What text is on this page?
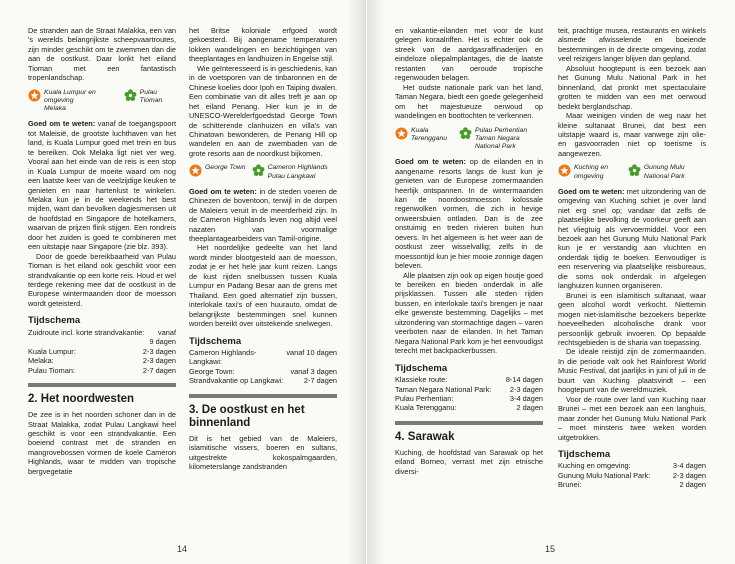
De stranden aan de Straat Malakka, een van 's werelds belangrijkste scheepvaartroutes, zijn minder geschikt om te zwemmen dan die aan de oostkust. Daar lonkt het eiland Tioman met een fantastisch tropenlandschap.

Kuala Lumpur en omgeving
Melaka
Pulau Tioman

Goed om te weten: vanaf de toegangspoort tot Maleisië, de grootste luchthaven van het land, is Kuala Lumpur goed met trein en bus te bereiken. Ook Melaka ligt niet ver weg. Vooral aan het einde van de reis is een stop in Kuala Lumpur de moeite waard om nog een laatste keer van de veelzijdige keuken te genieten en naar hartenlust te winkelen. Melaka kun je in de weekends het best mijden, want dan bevolken dagjesmensen uit de hoofdstad en Singapore de hotelkamers, waarvan de prijzen flink stijgen. Een rondreis door het zuiden is goed te combineren met een uitstapje naar Singapore (zie blz. 393).

Door de goede bereikbaarheid van Pulau Tioman is het eiland ook geschikt voor een strandvakantie op een korte reis. Houd er wel terdege rekening mee dat de oostkust in de Europese wintermaanden door de moesson wordt geteisterd.

Tijdschema
Zuidroute incl. korte strandvakantie:	vanaf
9 dagen
Kuala Lumpur:	2-3 dagen
Melaka:	2-3 dagen
Pulau Tioman:	2-7 dagen
2. Het noordwesten

De zee is in het noorden schoner dan in de Straat Malakka, zodat Pulau Langkawi heel geschikt is voor een strandvakantie. Een boeiend contrast met de stranden en mangrovebossen vormen de koele Cameron Highlands, waar te midden van tropische bergvegetatie

het Britse koloniale erfgoed wordt gekoesterd. Bij aangename temperaturen lokken wandelingen en bezichtigingen van theeplantages en landhuizen in Engelse stijl.

Wie geïnteresseerd is in geschiedenis, kan in de voetsporen van de tinbaronnen en de Chinese koelies door Ipoh en Taiping dwalen. Een combinatie van dit alles treft je aan op het eiland Penang. Hier kun je in de UNESCO-Werelderfgoedstad George Town de schitterende clanhuizen en villa's van Chinatown bewonderen, de Penang Hill op wandelen en aan de zwembaden van de grote resorts aan de noordkust bijkomen.

George Town	Cameron Highlands
Pulau Langkawi

Goed om te weten: in de steden voeren de Chinezen de boventoon, terwijl in de dorpen de Maleiers veruit in de meerderheid zijn. In de Cameron Highlands leven nog altijd veel nazaten van voormalige theeplantagearbeiders van Tamil-origine.

Het noordelijke gedeelte van het land wordt minder blootgesteld aan de moesson, zodat je er het hele jaar kunt reizen. Langs de kust rijden snelbussen tussen Kuala Lumpur en Padang Besar aan de grens met Thailand. Een goed alternatief zijn bussen, interlokale taxi's of een huurauto, omdat de belangrijkste bestemmingen snel kunnen worden bereikt over uitstekende snelwegen.

Tijdschema
Cameron Highlands-Langkawi:
vanaf 10 dagen
George Town:	vanaf 3 dagen
Strandvakantie op Langkawi:	2-7 dagen
3. De oostkust en het binnenland

Dit is het gebied van de Maleiers, islamitische vissers, boeren en sultans, uitgestrekte kokospalmgaarden, kilometerslange zandstranden

14

en vakantie-eilanden met voor de kust gelegen koraalriffen. Het is echter ook de streek van de aardgasraffinaderijen en eindeloze oliepalmplantages, die de laatste restanten van oeroude tropische regenwouden belagen.

Het oudste nationale park van het land, Taman Negara, biedt een goede gelegenheid om het majestueuze oerwoud op wandelingen en boottochten te verkennen.

Kuala Terengganu
Pulau Perhentian
Taman Negara National Park

Goed om te weten: op de eilanden en in aangename resorts langs de kust kun je genieten van de Europese zomermaanden heerlijk ontspannen. In de wintermaanden kan de noordoostmoesson kolossale regenwolken vormen, die zich in hevige onweersbuien ontladen. Dan is de zee onstuimig en treden rivieren buiten hun oevers. In het algemeen is het weer aan de oostkust zeer wisselvallig; zelfs in de moessontijd kun je hier mooie zonnige dagen beleven.

Alle plaatsen zijn ook op eigen houtje goed te bereiken en bieden onderdak in alle prijsklassen. Tussen alle steden rijden bussen, en interlokale taxi's brengen je naar elke gewenste bestemming. Dagelijks – met uitzondering van stormachtige dagen – varen veerboten naar de eilanden. In het Taman Negara National Park kom je het eenvoudigst terecht met backpackerbussen.

Tijdschema
Klassieke route:	8-14 dagen
Taman Negara National Park:	2-3 dagen
Pulau Perhentian:	3-4 dagen
Kuala Terengganu:	2 dagen
4. Sarawak

Kuching, de hoofdstad van Sarawak op het eiland Borneo, verrast met zijn etnische diversi-

teit, prachtige musea, restaurants en winkels alsmede afwisselende en boeiende bestemmingen in de directe omgeving, zodat veel reizigers langer blijven dan gepland.

Absoluut hoogtepunt is een bezoek aan het Gunung Mulu National Park in het binnenland, dat pronkt met spectaculaire grotten te midden van een met oerwoud bedekt berglandschap.

Maar weinigen vinden de weg naar het kleine sultanaat Brunei, dat best een uitstapje waard is, maar vanwege zijn olie- en gasvoorraden niet op toerisme is aangewezen.

Kuching en omgeving
Gunung Mulu National Park

Goed om te weten: met uitzondering van de omgeving van Kuching schiet je over land niet erg snel op; vandaar dat zelfs de plaatselijke bevolking de voorkeur geeft aan het vliegtuig als vervoermiddel. Voor een bezoek aan het Gunung Mulu National Park kun je er verstandig aan vluchten en onderdak tijdig te boeken. Eenvoudiger is een reservering via plaatselijke reisbureaus, die soms ook onderdak in afgelegen langhuizen kunnen organiseren.

Brunei is een islamitisch sultanaat, waar geen alcohol wordt verkocht. Niettemin mogen niet-islamitische bezoekers beperkte hoeveelheden alcoholische drank voor persoonlijk gebruik invoeren. Op bepaalde rechtsgebieden is de sharia van toepassing.

De ideale reistijd zijn de zomermaanden. In die periode valt ook het Rainforest World Music Festival, dat jaarlijks in juni of juli in de buurt van Kuching plaatsvindt – een hoogtepunt van de wereldmuziek.

Voor de route over land van Kuching naar Brunei – met een bezoek aan een langhuis, maar zonder het Gunung Mulu National Park – moet minstens twee weken worden uitgetrokken.

Tijdschema
Kuching en omgeving:	3-4 dagen
Gunung Mulu National Park:	2-3 dagen
Brunei:	2 dagen
15
